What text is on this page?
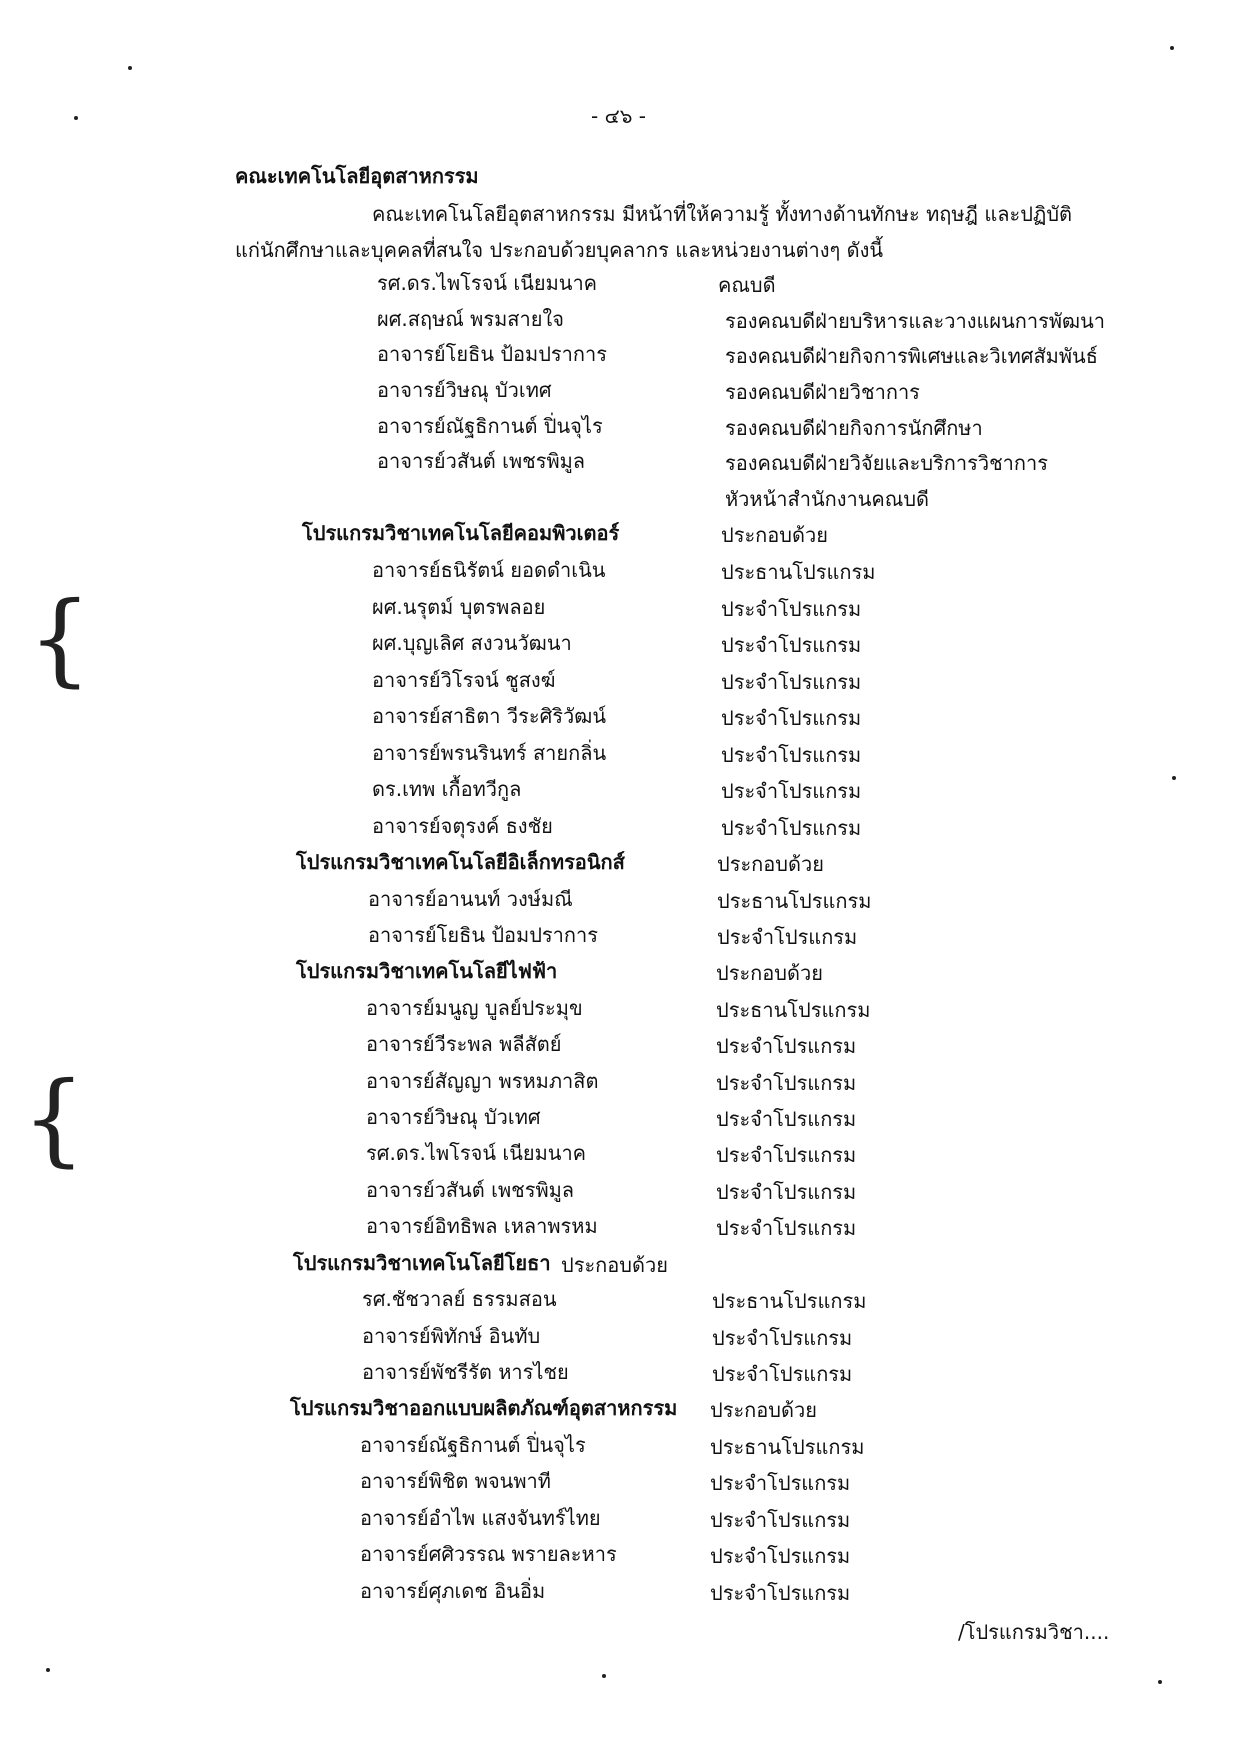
- ๔๖ -
คณะเทคโนโลยีอุตสาหกรรม
คณะเทคโนโลยีอุตสาหกรรม มีหน้าที่ให้ความรู้ ทั้งทางด้านทักษะ ทฤษฎี และปฏิบัติ
แก่นักศึกษาและบุคคลที่สนใจ ประกอบด้วยบุคลากร และหน่วยงานต่างๆ ดังนี้
รศ.ดร.ไพโรจน์ เนียมนาค	คณบดี
ผศ.สฤษณ์ พรมสายใจ	รองคณบดีฝ่ายบริหารและวางแผนการพัฒนา
อาจารย์โยธิน ป้อมปราการ	รองคณบดีฝ่ายกิจการพิเศษและวิเทศสัมพันธ์
อาจารย์วิษณุ บัวเทศ	รองคณบดีฝ่ายวิชาการ
อาจารย์ณัฐธิกานต์ ปิ่นจุไร	รองคณบดีฝ่ายกิจการนักศึกษา
อาจารย์วสันต์ เพชรพิมูล	รองคณบดีฝ่ายวิจัยและบริการวิชาการ
หัวหน้าสำนักงานคณบดี
โปรแกรมวิชาเทคโนโลยีคอมพิวเตอร์	ประกอบด้วย
อาจารย์ธนิรัตน์ ยอดดำเนิน	ประธานโปรแกรม
ผศ.นรุตม์ บุตรพลอย	ประจำโปรแกรม
ผศ.บุญเลิศ สงวนวัฒนา	ประจำโปรแกรม
อาจารย์วิโรจน์ ชูสงฆ์	ประจำโปรแกรม
อาจารย์สาธิตา วีระศิริวัฒน์	ประจำโปรแกรม
อาจารย์พรนรินทร์ สายกลิ่น	ประจำโปรแกรม
ดร.เทพ เกื้อทวีกูล	ประจำโปรแกรม
อาจารย์จตุรงค์ ธงชัย	ประจำโปรแกรม
โปรแกรมวิชาเทคโนโลยีอิเล็กทรอนิกส์	ประกอบด้วย
อาจารย์อานนท์ วงษ์มณี	ประธานโปรแกรม
อาจารย์โยธิน ป้อมปราการ	ประจำโปรแกรม
โปรแกรมวิชาเทคโนโลยีไฟฟ้า	ประกอบด้วย
อาจารย์มนูญ บูลย์ประมุข	ประธานโปรแกรม
อาจารย์วีระพล พลีสัตย์	ประจำโปรแกรม
อาจารย์สัญญา พรหมภาสิต	ประจำโปรแกรม
อาจารย์วิษณุ บัวเทศ	ประจำโปรแกรม
รศ.ดร.ไพโรจน์ เนียมนาค	ประจำโปรแกรม
อาจารย์วสันต์ เพชรพิมูล	ประจำโปรแกรม
อาจารย์อิทธิพล เหลาพรหม	ประจำโปรแกรม
โปรแกรมวิชาเทคโนโลยีโยธา ประกอบด้วย
รศ.ชัชวาลย์ ธรรมสอน	ประธานโปรแกรม
อาจารย์พิทักษ์ อินทับ	ประจำโปรแกรม
อาจารย์พัชรีรัต หารไชย	ประจำโปรแกรม
โปรแกรมวิชาออกแบบผลิตภัณฑ์อุตสาหกรรม ประกอบด้วย
อาจารย์ณัฐธิกานต์ ปิ่นจุไร	ประธานโปรแกรม
อาจารย์พิชิต พจนพาที	ประจำโปรแกรม
อาจารย์อำไพ แสงจันทร์ไทย	ประจำโปรแกรม
อาจารย์ศศิวรรณ พรายละหาร	ประจำโปรแกรม
อาจารย์ศุภเดช อินอิ่ม	ประจำโปรแกรม
/โปรแกรมวิชา....
{
{
